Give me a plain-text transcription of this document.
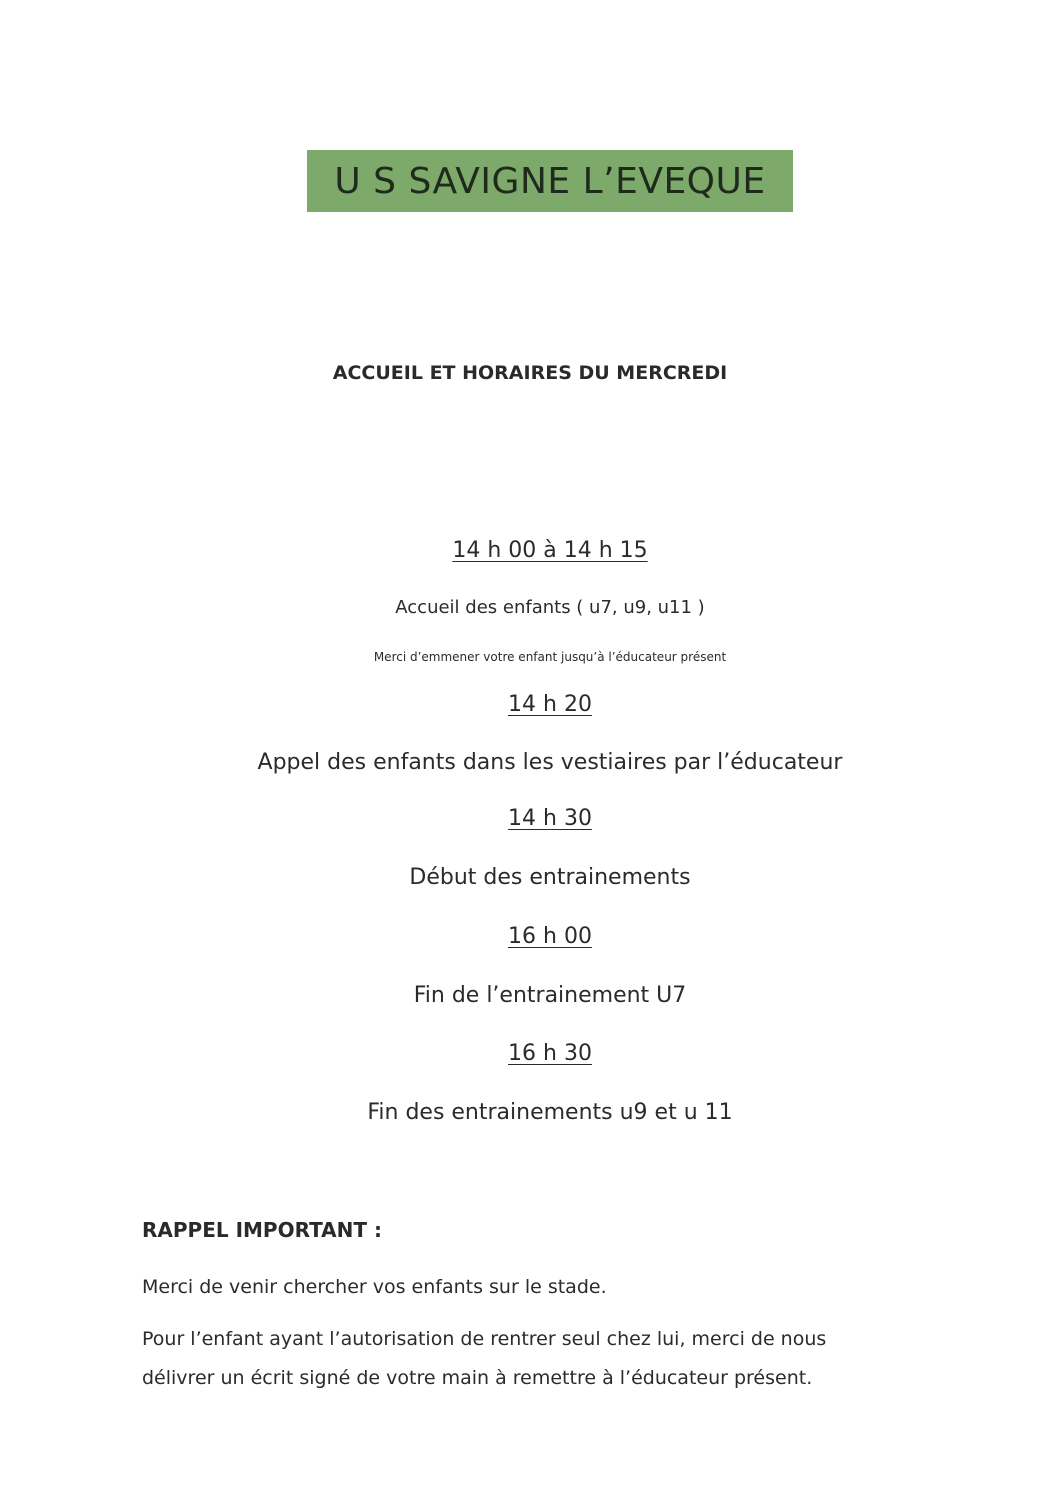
U S SAVIGNE L’EVEQUE
ACCUEIL ET HORAIRES DU MERCREDI
14 h 00 à 14 h 15
Accueil des enfants ( u7, u9, u11 )
Merci d’emmener votre enfant jusqu’à l’éducateur présent
14 h 20
Appel des enfants dans les vestiaires par l’éducateur
14 h 30
Début des entrainements
16 h 00
Fin de l’entrainement U7
16 h 30
Fin des entrainements u9 et u 11
RAPPEL IMPORTANT :
Merci de venir chercher vos enfants sur le stade.
Pour l’enfant ayant l’autorisation de rentrer seul chez lui, merci de nous
délivrer un écrit signé de votre main à remettre à l’éducateur présent.
